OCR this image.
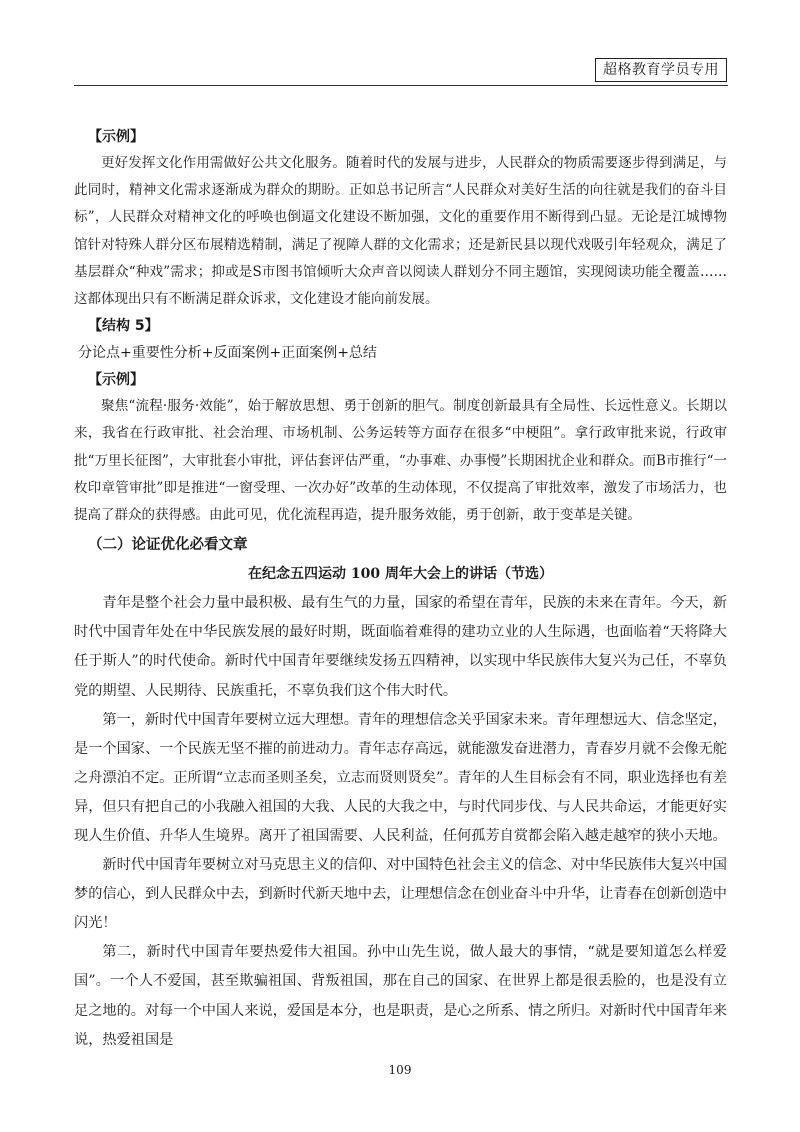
超格教育学员专用
【示例】

更好发挥文化作用需做好公共文化服务。随着时代的发展与进步，人民群众的物质需要逐步得到满足，与此同时，精神文化需求逐渐成为群众的期盼。正如总书记所言“人民群众对美好生活的向往就是我们的奋斗目标”，人民群众对精神文化的呼唤也倒逼文化建设不断加强，文化的重要作用不断得到凸显。无论是江城博物馆针对特殊人群分区布展精选精制，满足了视障人群的文化需求；还是新民县以现代戏吸引年轻观众，满足了基层群众“种戏”需求；抑或是S市图书馆倾听大众声音以阅读人群划分不同主题馆，实现阅读功能全覆盖……这都体现出只有不断满足群众诉求，文化建设才能向前发展。

【结构 5】

分论点+重要性分析+反面案例+正面案例+总结

【示例】

聚焦“流程·服务·效能”，始于解放思想、勇于创新的胆气。制度创新最具有全局性、长远性意义。长期以来，我省在行政审批、社会治理、市场机制、公务运转等方面存在很多“中梗阻”。拿行政审批来说，行政审批“万里长征图”，大审批套小审批，评估套评估严重，“办事难、办事慢”长期困扰企业和群众。而B市推行“一枚印章管审批”即是推进“一窗受理、一次办好”改革的生动体现，不仅提高了审批效率，激发了市场活力，也提高了群众的获得感。由此可见，优化流程再造，提升服务效能，勇于创新，敢于变革是关键。

（二）论证优化必看文章
在纪念五四运动 100 周年大会上的讲话（节选）

青年是整个社会力量中最积极、最有生气的力量，国家的希望在青年，民族的未来在青年。今天，新时代中国青年处在中华民族发展的最好时期，既面临着难得的建功立业的人生际遇，也面临着“天将降大任于斯人”的时代使命。新时代中国青年要继续发扬五四精神，以实现中华民族伟大复兴为己任，不辜负党的期望、人民期待、民族重托，不辜负我们这个伟大时代。

第一，新时代中国青年要树立远大理想。青年的理想信念关乎国家未来。青年理想远大、信念坚定，是一个国家、一个民族无坚不摧的前进动力。青年志存高远，就能激发奋进潜力，青春岁月就不会像无舵之舟漂泊不定。正所谓“立志而圣则圣矣，立志而贤则贤矣”。青年的人生目标会有不同，职业选择也有差异，但只有把自己的小我融入祖国的大我、人民的大我之中，与时代同步伐、与人民共命运，才能更好实现人生价值、升华人生境界。离开了祖国需要、人民利益，任何孤芳自赏都会陷入越走越窄的狭小天地。

新时代中国青年要树立对马克思主义的信仰、对中国特色社会主义的信念、对中华民族伟大复兴中国梦的信心，到人民群众中去，到新时代新天地中去，让理想信念在创业奋斗中升华，让青春在创新创造中闪光！

第二，新时代中国青年要热爱伟大祖国。孙中山先生说，做人最大的事情，“就是要知道怎么样爱国”。一个人不爱国，甚至欺骗祖国、背叛祖国，那在自己的国家、在世界上都是很丢脸的，也是没有立足之地的。对每一个中国人来说，爱国是本分，也是职责，是心之所系、情之所归。对新时代中国青年来说，热爱祖国是

109
